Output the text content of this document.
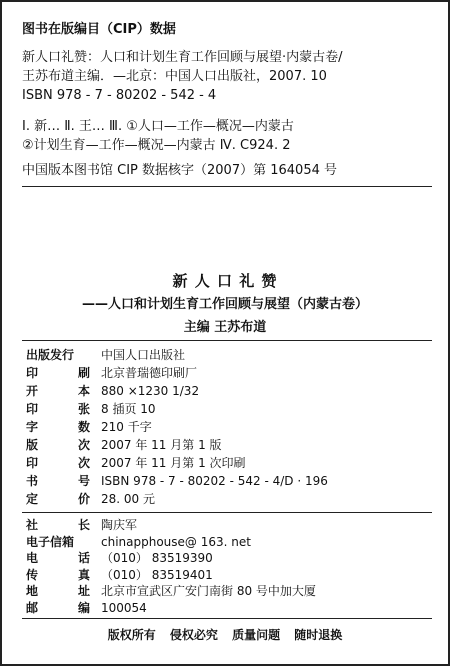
图书在版编目（CIP）数据
新人口礼赞：人口和计划生育工作回顾与展望·内蒙古卷/
王苏布道主编．—北京：中国人口出版社，2007. 10
ISBN 978 - 7 - 80202 - 542 - 4
Ⅰ. 新… Ⅱ. 王… Ⅲ. ①人口—工作—概况—内蒙古
②计划生育—工作—概况—内蒙古 Ⅳ. C924. 2
中国版本图书馆 CIP 数据核字（2007）第 164054 号
新 人 口 礼 赞
——人口和计划生育工作回顾与展望（内蒙古卷）
主编 王苏布道
出版发行	中国人口出版社
印	刷 北京普瑞德印刷厂
开	本 880 ×1230 1/32
印	张 8 插页 10
字	数 210 千字
版	次 2007 年 11 月第 1 版
印	次 2007 年 11 月第 1 次印刷
书	号 ISBN 978 - 7 - 80202 - 542 - 4/D · 196
定	价 28. 00 元
社	长 陶庆军
电子信箱	chinapphouse@ 163. net
电	话 （010） 83519390
传	真 （010） 83519401
地	址 北京市宣武区广安门南街 80 号中加大厦
邮	编 100054
版权所有 侵权必究 质量问题 随时退换
